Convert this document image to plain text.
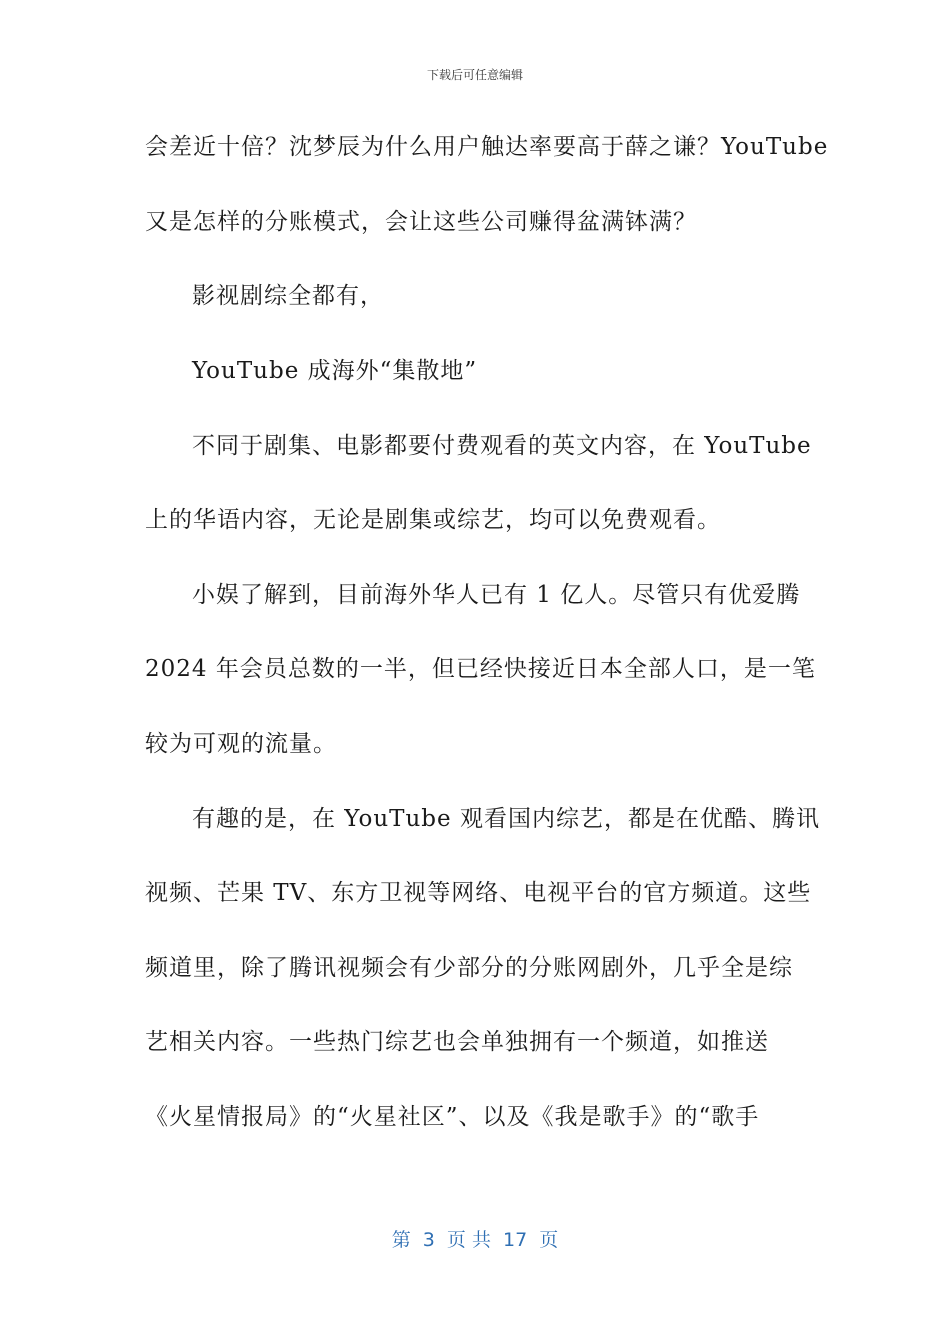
下载后可任意编辑
会差近十倍？沈梦辰为什么用户触达率要高于薛之谦？YouTube
又是怎样的分账模式，会让这些公司赚得盆满钵满？
影视剧综全都有，
YouTube 成海外“集散地”
不同于剧集、电影都要付费观看的英文内容，在 YouTube
上的华语内容，无论是剧集或综艺，均可以免费观看。
小娱了解到，目前海外华人已有 1 亿人。尽管只有优爱腾
2024 年会员总数的一半，但已经快接近日本全部人口，是一笔
较为可观的流量。
有趣的是，在 YouTube 观看国内综艺，都是在优酷、腾讯
视频、芒果 TV、东方卫视等网络、电视平台的官方频道。这些
频道里，除了腾讯视频会有少部分的分账网剧外，几乎全是综
艺相关内容。一些热门综艺也会单独拥有一个频道，如推送
《火星情报局》的“火星社区”、以及《我是歌手》的“歌手
第  3  页 共  17  页
